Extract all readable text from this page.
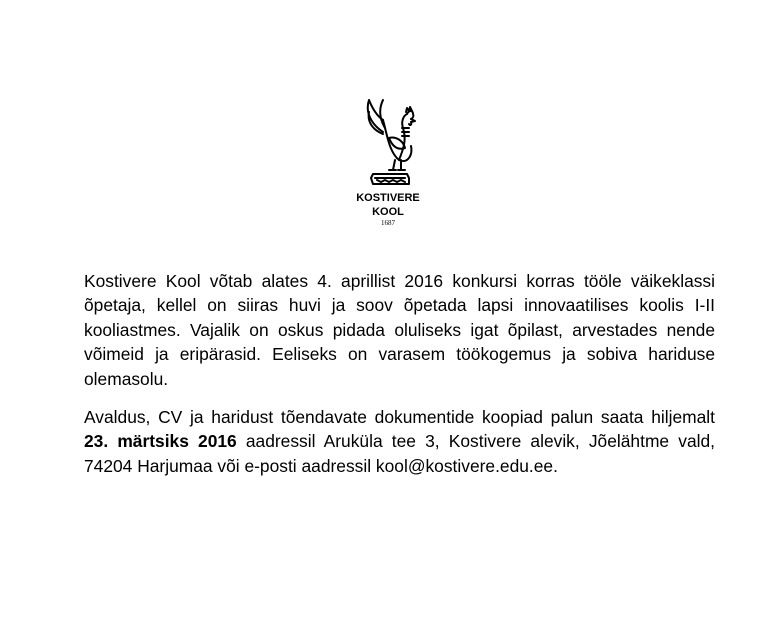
KOSTIVERE
KOOL
1687

Kostivere Kool võtab alates 4. aprillist 2016 konkursi korras tööle väikeklassi õpetaja, kellel on siiras huvi ja soov õpetada lapsi innovaatilises koolis I-II kooliastmes. Vajalik on oskus pidada oluliseks igat õpilast, arvestades nende võimeid ja eripärasid. Eeliseks on varasem töökogemus ja sobiva hariduse olemasolu.

Avaldus, CV ja haridust tõendavate dokumentide koopiad palun saata hiljemalt 23. märtsiks 2016 aadressil Aruküla tee 3, Kostivere alevik, Jõelähtme vald, 74204 Harjumaa või e-posti aadressil kool@kostivere.edu.ee.
